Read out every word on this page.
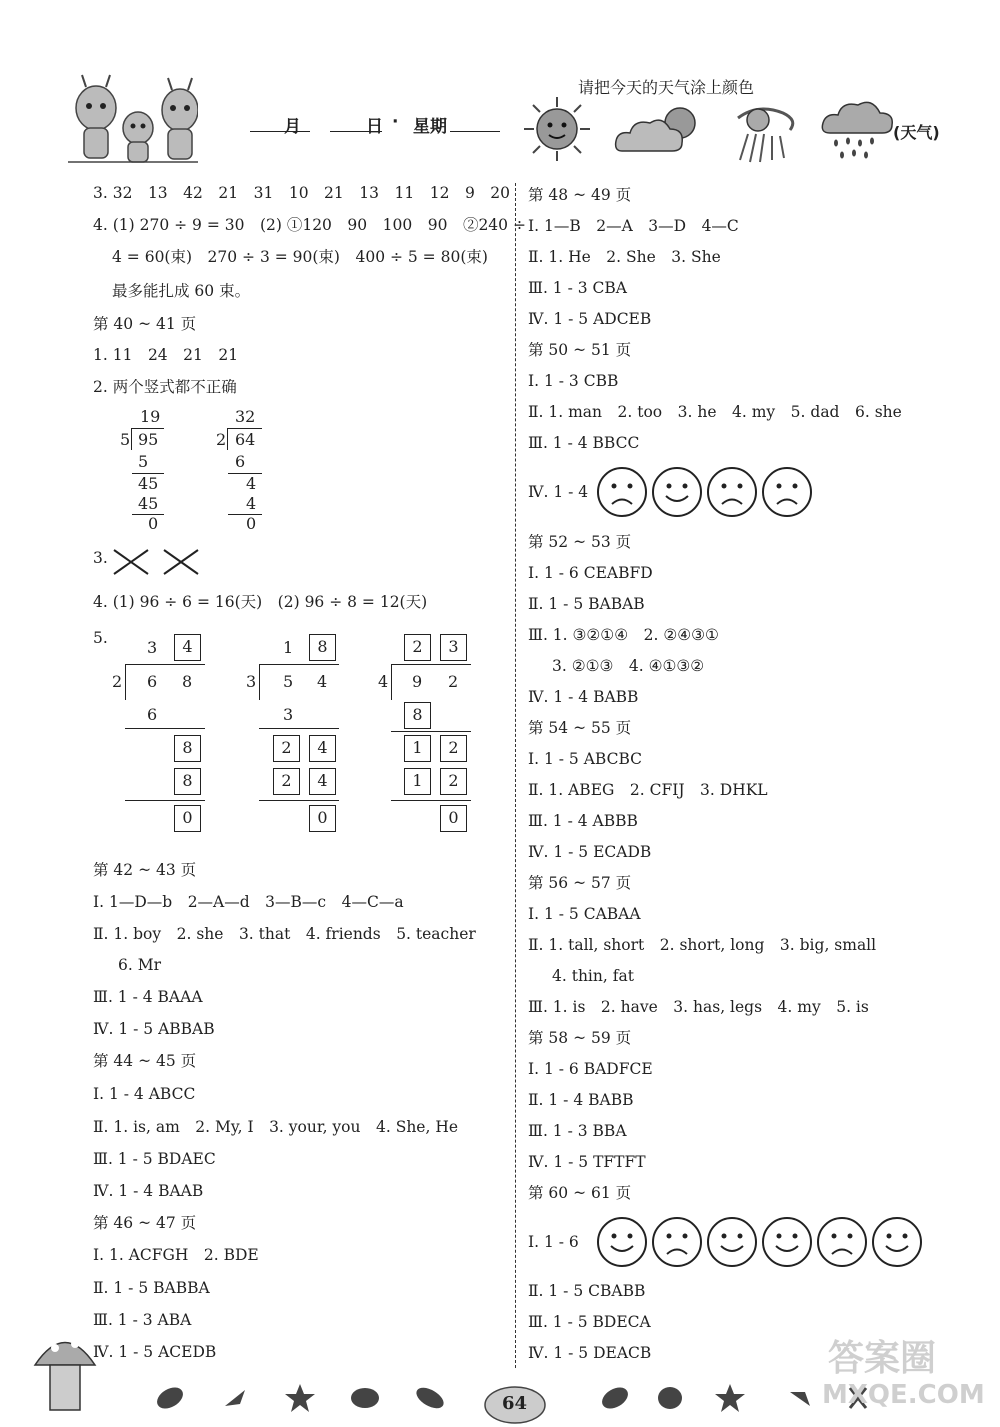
月	日 · 星期
请把今天的天气涂上颜色
(天气)
3. 32　13　42　21　31　10　21　13　11　12　9　20
4. (1) 270 ÷ 9 = 30　(2) ①120　90　100　90　②240 ÷
4 = 60(束)　270 ÷ 3 = 90(束)　400 ÷ 5 = 80(束)
最多能扎成 60 束。
第 40 ~ 41 页
1. 11　24　21　21
2. 两个竖式都不正确
19
5 95
5
45
45
0
32
2 64
6
4
4
0
3.
4. (1) 96 ÷ 6 = 16(天)　(2) 96 ÷ 8 = 12(天)
5. 3	4
2 6 8
6
8
8
0
1	8
3 5 4
3
2	4
2	4
0
2	3
4 9 2
8
1	2
1	2
0
第 42 ~ 43 页
Ⅰ. 1—D—b　2—A—d　3—B—c　4—C—a
Ⅱ. 1. boy　2. she　3. that　4. friends　5. teacher
6. Mr
Ⅲ. 1 - 4 BAAA
Ⅳ. 1 - 5 ABBAB
第 44 ~ 45 页
Ⅰ. 1 - 4 ABCC
Ⅱ. 1. is, am　2. My, I　3. your, you　4. She, He
Ⅲ. 1 - 5 BDAEC
Ⅳ. 1 - 4 BAAB
第 46 ~ 47 页
Ⅰ. 1. ACFGH　2. BDE
Ⅱ. 1 - 5 BABBA
Ⅲ. 1 - 3 ABA
Ⅳ. 1 - 5 ACEDB
第 48 ~ 49 页
Ⅰ. 1—B　2—A　3—D　4—C
Ⅱ. 1. He　2. She　3. She
Ⅲ. 1 - 3 CBA
Ⅳ. 1 - 5 ADCEB
第 50 ~ 51 页
Ⅰ. 1 - 3 CBB
Ⅱ. 1. man　2. too　3. he　4. my　5. dad　6. she
Ⅲ. 1 - 4 BBCC
Ⅳ. 1 - 4
第 52 ~ 53 页
Ⅰ. 1 - 6 CEABFD
Ⅱ. 1 - 5 BABAB
Ⅲ. 1. ③②①④　2. ②④③①
3. ②①③　4. ④①③②
Ⅳ. 1 - 4 BABB
第 54 ~ 55 页
Ⅰ. 1 - 5 ABCBC
Ⅱ. 1. ABEG　2. CFIJ　3. DHKL
Ⅲ. 1 - 4 ABBB
Ⅳ. 1 - 5 ECADB
第 56 ~ 57 页
Ⅰ. 1 - 5 CABAA
Ⅱ. 1. tall, short　2. short, long　3. big, small
4. thin, fat
Ⅲ. 1. is　2. have　3. has, legs　4. my　5. is
第 58 ~ 59 页
Ⅰ. 1 - 6 BADFCE
Ⅱ. 1 - 4 BABB
Ⅲ. 1 - 3 BBA
Ⅳ. 1 - 5 TFTFT
第 60 ~ 61 页
Ⅰ. 1 - 6
Ⅱ. 1 - 5 CBABB
Ⅲ. 1 - 5 BDECA
Ⅳ. 1 - 5 DEACB
64
答案圈
MXQE.COM
